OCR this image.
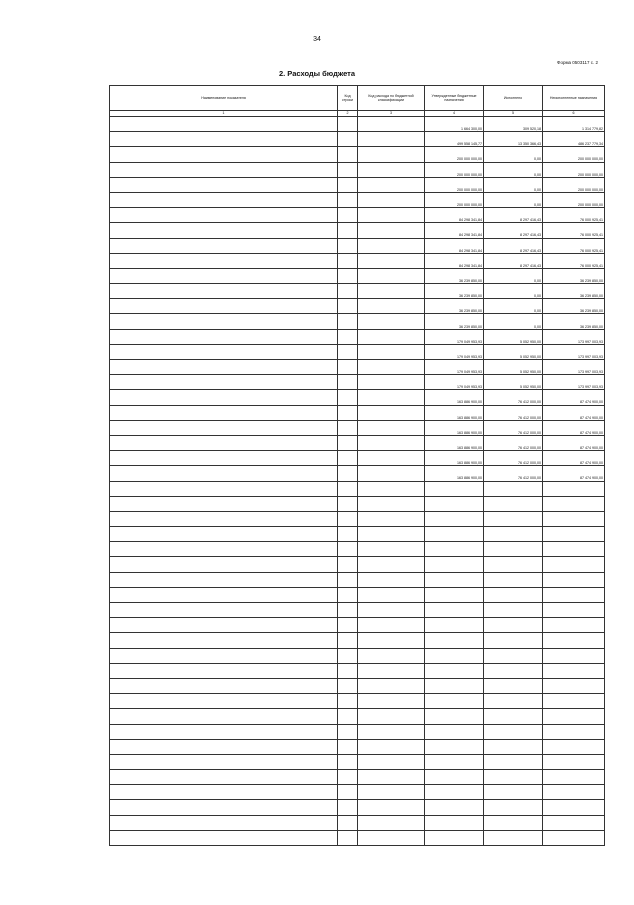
34
Форма 0503117 с. 2
2. Расходы бюджета
Наименование показателя	Код строки	Код расхода по бюджетной классификации	Утвержденные бюджетные назначения	Исполнено	Неисполненные назначения
1	2	3	4	5	6
			1 664 300,00	309 520,18	1 314 779,82
			499 558 145,77	13 350 366,43	486 237 779,34
			200 000 000,00	0,00	200 000 000,00
			200 000 000,00	0,00	200 000 000,00
			200 000 000,00	0,00	200 000 000,00
			200 000 000,00	0,00	200 000 000,00
			84 298 341,84	8 297 416,43	76 000 925,41
			84 298 341,84	8 297 416,43	76 000 925,41
			84 298 341,84	8 297 416,43	76 000 925,41
			84 298 341,84	8 297 416,43	76 000 925,41
			36 239 850,00	0,00	36 239 850,00
			36 239 850,00	0,00	36 239 850,00
			36 239 850,00	0,00	36 239 850,00
			36 239 850,00	0,00	36 239 850,00
			179 049 953,93	5 052 950,00	173 997 003,93
			179 049 953,93	5 052 950,00	173 997 003,93
			179 049 953,93	5 052 950,00	173 997 003,93
			179 049 953,93	5 052 950,00	173 997 003,93
			163 886 900,00	76 412 000,00	87 474 900,00
			163 886 900,00	76 412 000,00	87 474 900,00
			163 886 900,00	76 412 000,00	87 474 900,00
			163 886 900,00	76 412 000,00	87 474 900,00
			163 886 900,00	76 412 000,00	87 474 900,00
			163 886 900,00	76 412 000,00	87 474 900,00
